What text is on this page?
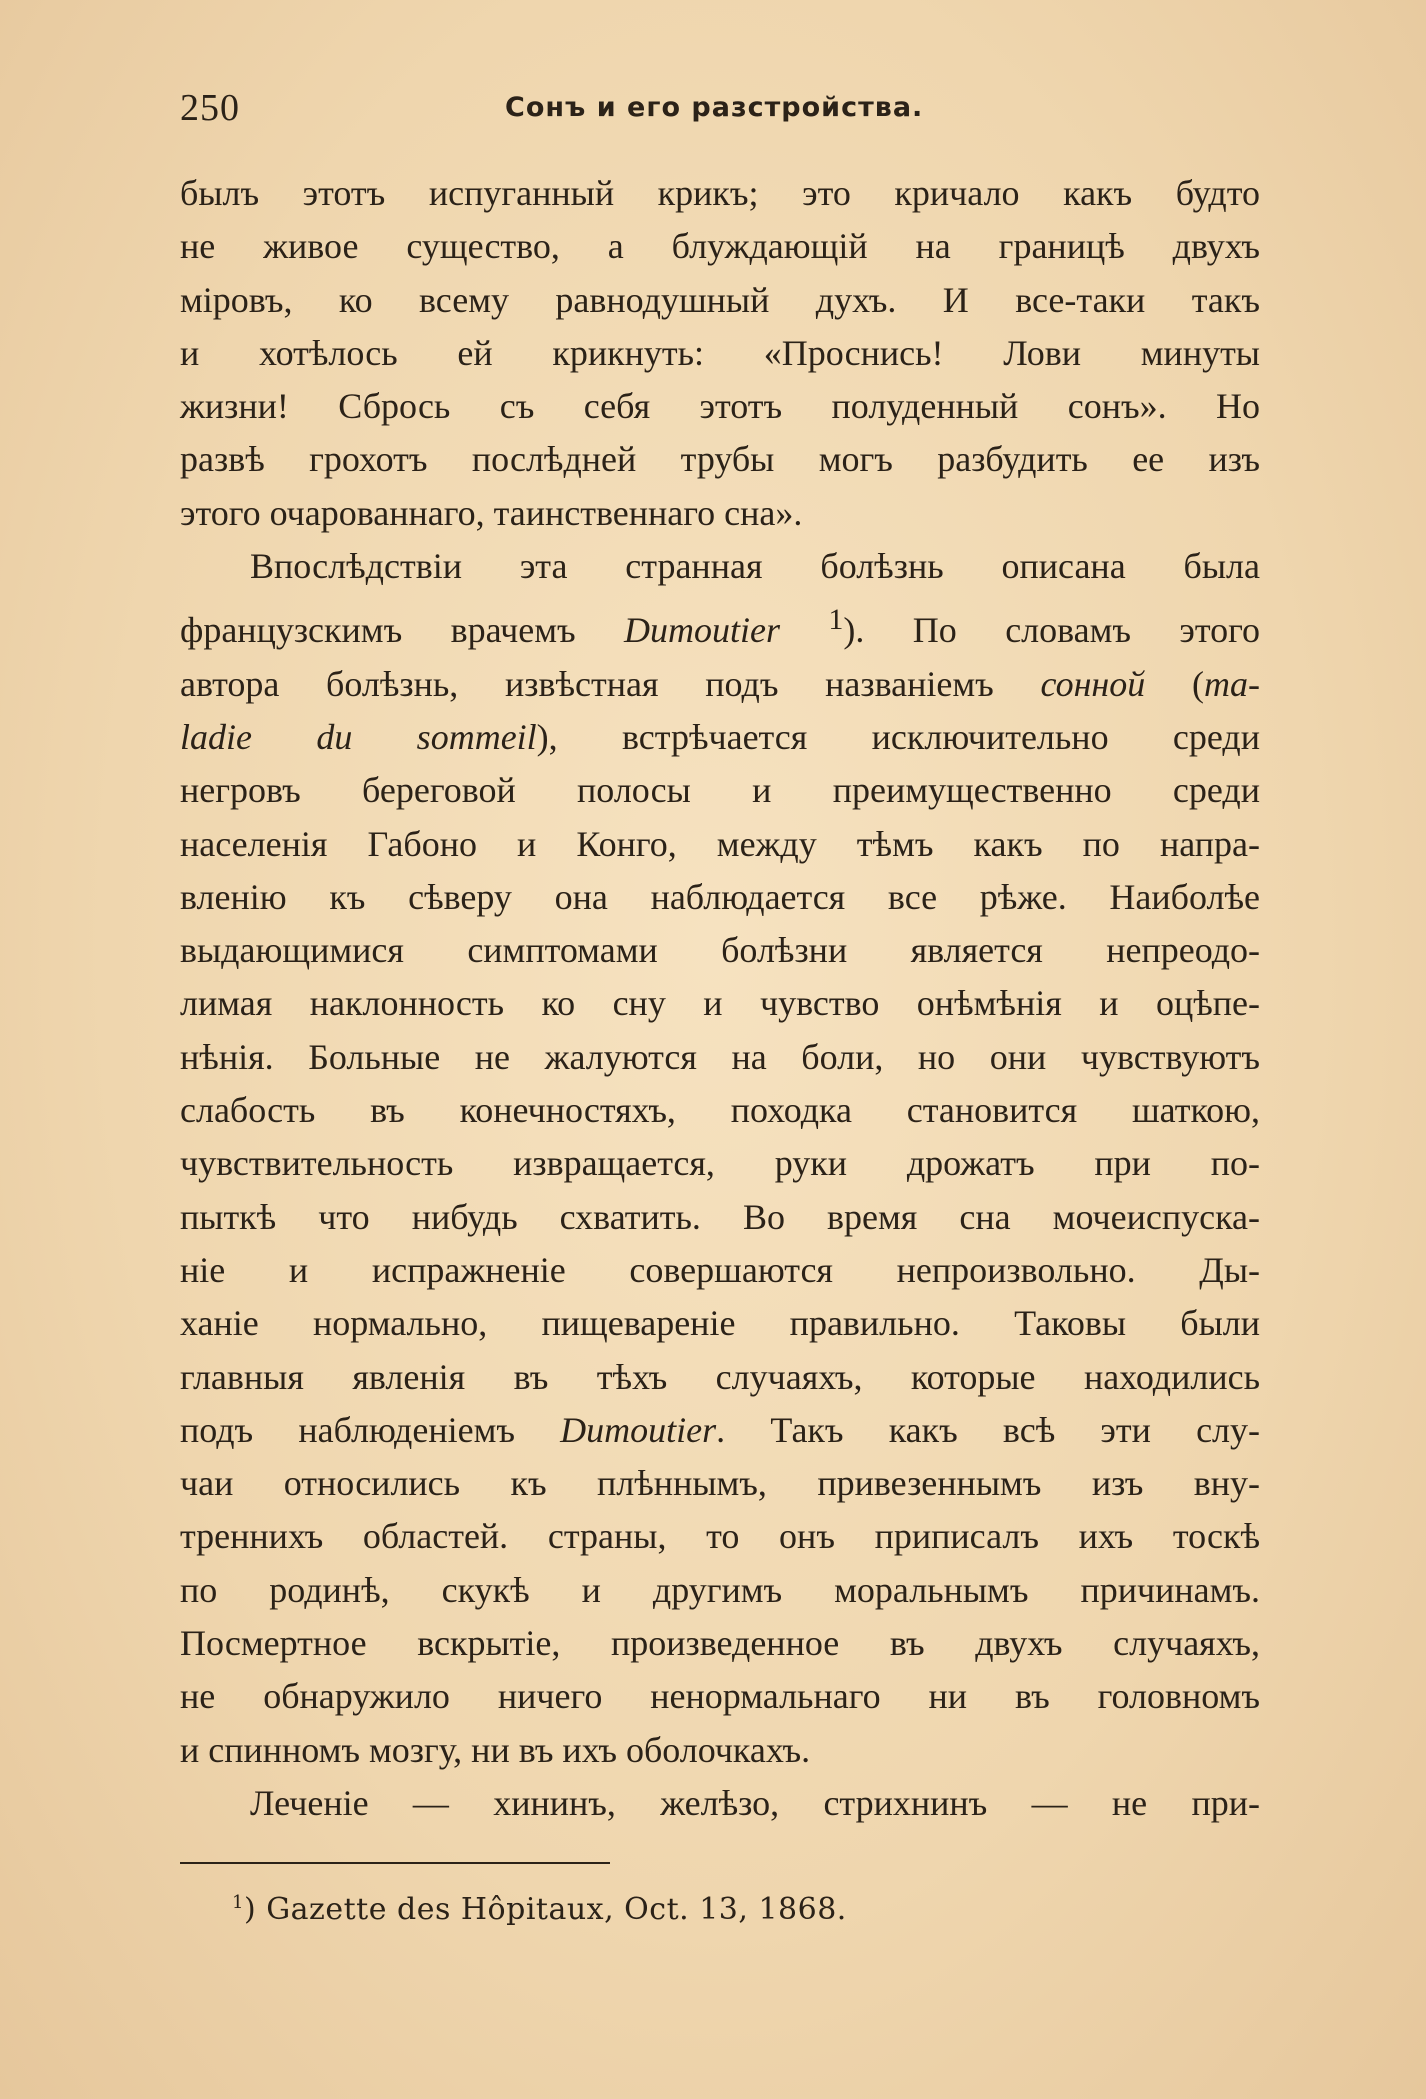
250	Сонъ и его разстройства.

былъ этотъ испуганный крикъ; это кричало какъ будто

не живое существо, а блуждающій на границѣ двухъ

міровъ, ко всему равнодушный духъ. И все-таки такъ

и хотѣлось ей крикнуть: «Проснись! Лови минуты

жизни! Сбрось съ себя этотъ полуденный сонъ». Но

развѣ грохотъ послѣдней трубы могъ разбудить ее изъ

этого очарованнаго, таинственнаго сна».

Впослѣдствіи эта странная болѣзнь описана была

французскимъ врачемъ Dumoutier $^1$). По словамъ этого

автора болѣзнь, извѣстная подъ названіемъ сонной (ma-

ladie du sommeil), встрѣчается исключительно среди

негровъ береговой полосы и преимущественно среди

населенія Габоно и Конго, между тѣмъ какъ по напра-

вленію къ сѣверу она наблюдается все рѣже. Наиболѣе

выдающимися симптомами болѣзни является непреодо-

лимая наклонность ко сну и чувство онѣмѣнія и оцѣпе-

нѣнія. Больные не жалуются на боли, но они чувствуютъ

слабость въ конечностяхъ, походка становится шаткою,

чувствительность извращается, руки дрожатъ при по-

пыткѣ что нибудь схватить. Во время сна мочеиспуска-

ніе и испражненіе совершаются непроизвольно. Ды-

ханіе нормально, пищевареніе правильно. Таковы были

главныя явленія въ тѣхъ случаяхъ, которые находились

подъ наблюденіемъ Dumoutier. Такъ какъ всѣ эти слу-

чаи относились къ плѣннымъ, привезеннымъ изъ вну-

треннихъ областей. страны, то онъ приписалъ ихъ тоскѣ

по родинѣ, скукѣ и другимъ моральнымъ причинамъ.

Посмертное вскрытіе, произведенное въ двухъ случаяхъ,

не обнаружило ничего ненормальнаго ни въ головномъ

и спинномъ мозгу, ни въ ихъ оболочкахъ.

Леченіе — хининъ, желѣзо, стрихнинъ — не при-

$^1$) Gazette des Hôpitaux, Oct. 13, 1868.
